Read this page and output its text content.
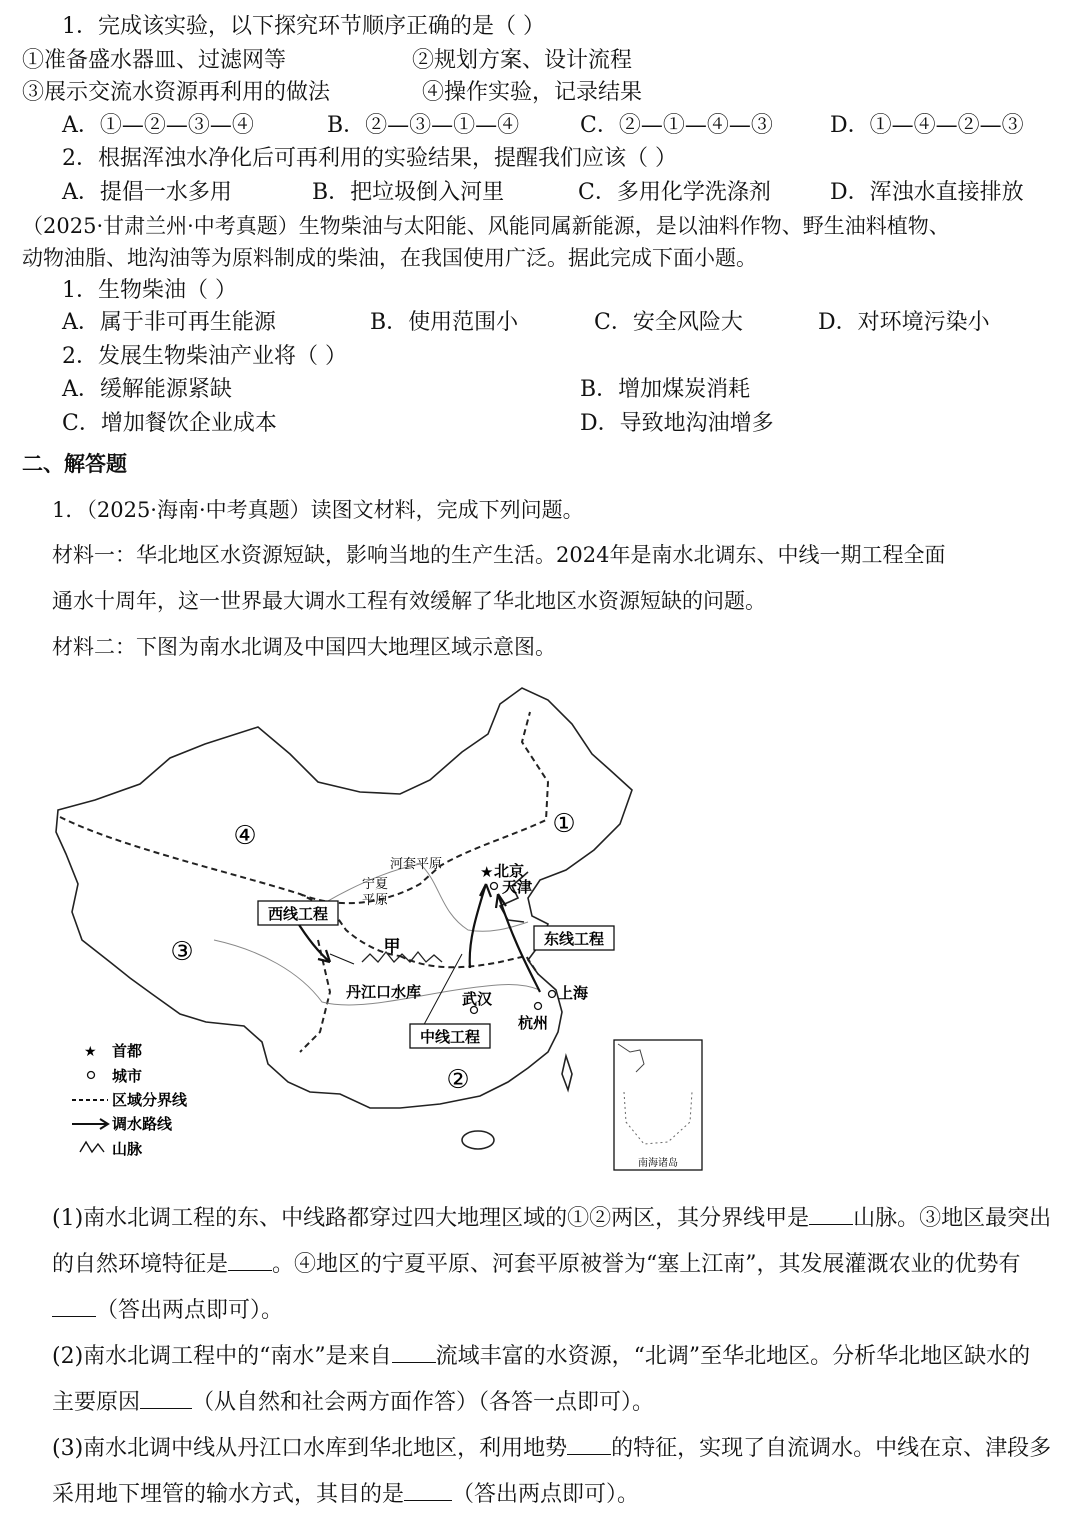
1．完成该实验，以下探究环节顺序正确的是（ ）
①准备盛水器皿、过滤网等	②规划方案、设计流程
③展示交流水资源再利用的做法	④操作实验，记录结果
A．①—②—③—④	B．②—③—①—④	C．②—①—④—③	D．①—④—②—③
2．根据浑浊水净化后可再利用的实验结果，提醒我们应该（ ）
A．提倡一水多用	B．把垃圾倒入河里	C．多用化学洗涤剂	D．浑浊水直接排放
（2025·甘肃兰州·中考真题）生物柴油与太阳能、风能同属新能源，是以油料作物、野生油料植物、
动物油脂、地沟油等为原料制成的柴油，在我国使用广泛。据此完成下面小题。
1．生物柴油（ ）
A．属于非可再生能源	B．使用范围小	C．安全风险大	D．对环境污染小
2．发展生物柴油产业将（ ）
A．缓解能源紧缺	B．增加煤炭消耗
C．增加餐饮企业成本	D．导致地沟油增多
二、解答题
1．（2025·海南·中考真题）读图文材料，完成下列问题。
材料一：华北地区水资源短缺，影响当地的生产生活。2024年是南水北调东、中线一期工程全面
通水十周年，这一世界最大调水工程有效缓解了华北地区水资源短缺的问题。
材料二：下图为南水北调及中国四大地理区域示意图。
④	①
③
②
河套平原
宁夏
平原
★ 北京
天津
甲
丹江口水库	武汉	上海
杭州
西线工程
东线工程
中线工程
★ 首都
城市
区域分界线
调水路线
山脉
南海诸岛
(1)南水北调工程的东、中线路都穿过四大地理区域的①②两区，其分界线甲是 山脉。③地区最突出的自然环境特征是 。④地区的宁夏平原、河套平原被誉为“塞上江南”，其发展灌溉农业的优势有（答出两点即可）。
(2)南水北调工程中的“南水”是来自 流域丰富的水资源，“北调”至华北地区。分析华北地区缺水的主要原因 （从自然和社会两方面作答）（各答一点即可）。
(3)南水北调中线从丹江口水库到华北地区，利用地势 的特征，实现了自流调水。中线在京、津段多采用地下埋管的输水方式，其目的是 （答出两点即可）。
